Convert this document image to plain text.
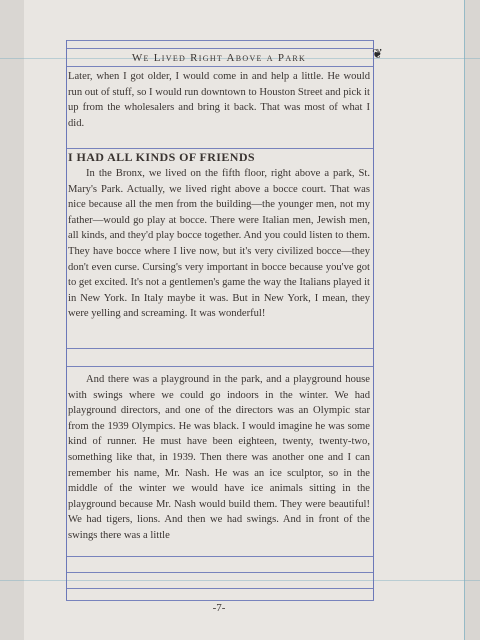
We Lived Right Above a Park	❦

Later, when I got older, I would come in and help a little. He would run out of stuff, so I would run downtown to Houston Street and pick it up from the wholesalers and bring it back. That was most of what I did.

I HAD ALL KINDS OF FRIENDS

In the Bronx, we lived on the fifth floor, right above a park, St. Mary's Park. Actually, we lived right above a bocce court. That was nice because all the men from the building—the younger men, not my father—would go play at bocce. There were Italian men, Jewish men, all kinds, and they'd play bocce together. And you could listen to them. They have bocce where I live now, but it's very civilized bocce—they don't even curse. Cursing's very important in bocce because you've got to get excited. It's not a gentlemen's game the way the Italians played it in New York. In Italy maybe it was. But in New York, I mean, they were yelling and screaming. It was wonderful!

And there was a playground in the park, and a playground house with swings where we could go indoors in the winter. We had playground directors, and one of the directors was an Olympic star from the 1939 Olympics. He was black. I would imagine he was some kind of runner. He must have been eighteen, twenty, twenty-two, something like that, in 1939. Then there was another one and I can remember his name, Mr. Nash. He was an ice sculptor, so in the middle of the winter we would have ice animals sitting in the playground because Mr. Nash would build them. They were beautiful! We had tigers, lions. And then we had swings. And in front of the swings there was a little

-7-
